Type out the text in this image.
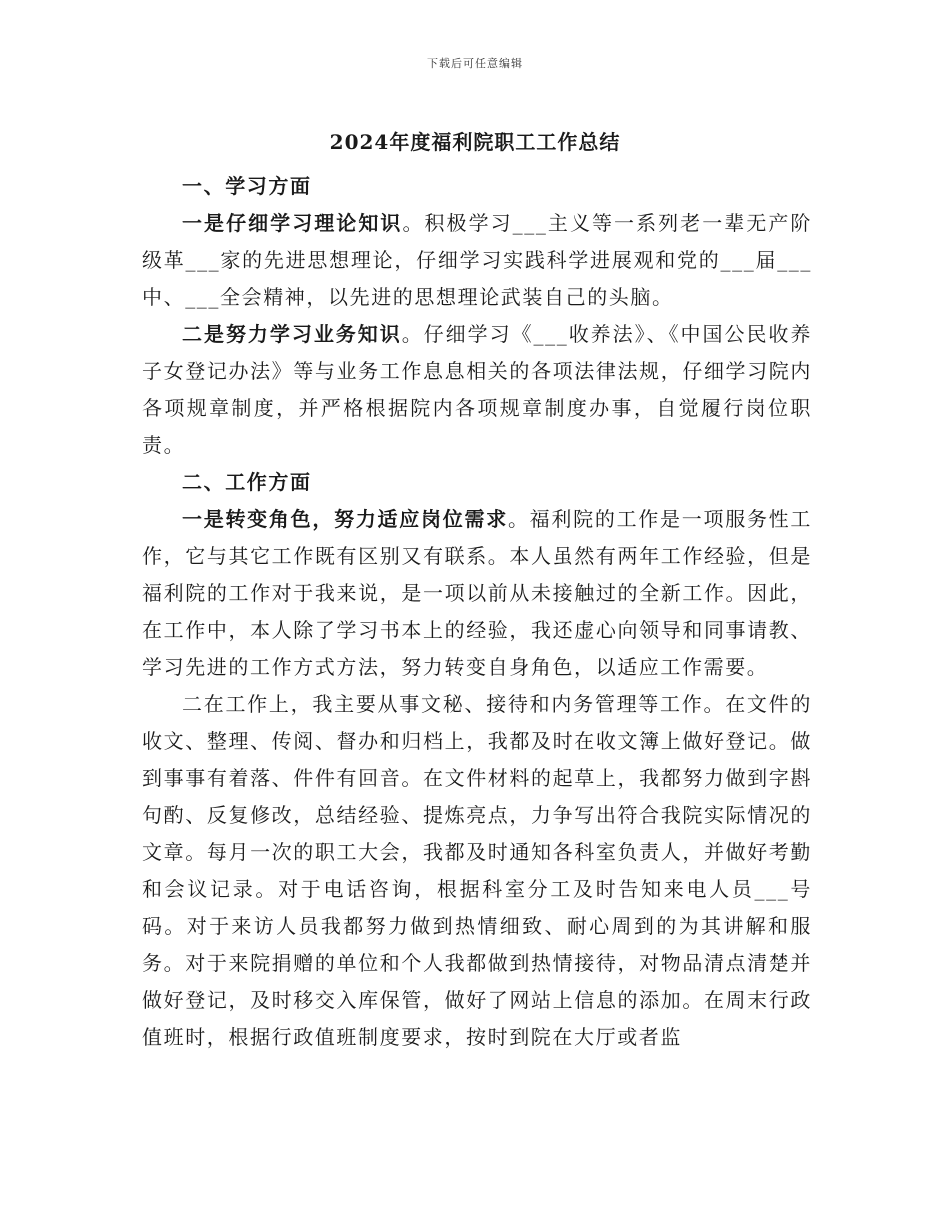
下载后可任意编辑
2024年度福利院职工工作总结

一、学习方面

一是仔细学习理论知识。积极学习___主义等一系列老一辈无产阶级革___家的先进思想理论，仔细学习实践科学进展观和党的___届___中、___全会精神，以先进的思想理论武装自己的头脑。

二是努力学习业务知识。仔细学习《___收养法》、《中国公民收养子女登记办法》等与业务工作息息相关的各项法律法规，仔细学习院内各项规章制度，并严格根据院内各项规章制度办事，自觉履行岗位职责。

二、工作方面

一是转变角色，努力适应岗位需求。福利院的工作是一项服务性工作，它与其它工作既有区别又有联系。本人虽然有两年工作经验，但是福利院的工作对于我来说，是一项以前从未接触过的全新工作。因此，在工作中，本人除了学习书本上的经验，我还虚心向领导和同事请教、学习先进的工作方式方法，努力转变自身角色，以适应工作需要。

二在工作上，我主要从事文秘、接待和内务管理等工作。在文件的收文、整理、传阅、督办和归档上，我都及时在收文簿上做好登记。做到事事有着落、件件有回音。在文件材料的起草上，我都努力做到字斟句酌、反复修改，总结经验、提炼亮点，力争写出符合我院实际情况的文章。每月一次的职工大会，我都及时通知各科室负责人，并做好考勤和会议记录。对于电话咨询，根据科室分工及时告知来电人员___号码。对于来访人员我都努力做到热情细致、耐心周到的为其讲解和服务。对于来院捐赠的单位和个人我都做到热情接待，对物品清点清楚并做好登记，及时移交入库保管，做好了网站上信息的添加。在周末行政值班时，根据行政值班制度要求，按时到院在大厅或者监
